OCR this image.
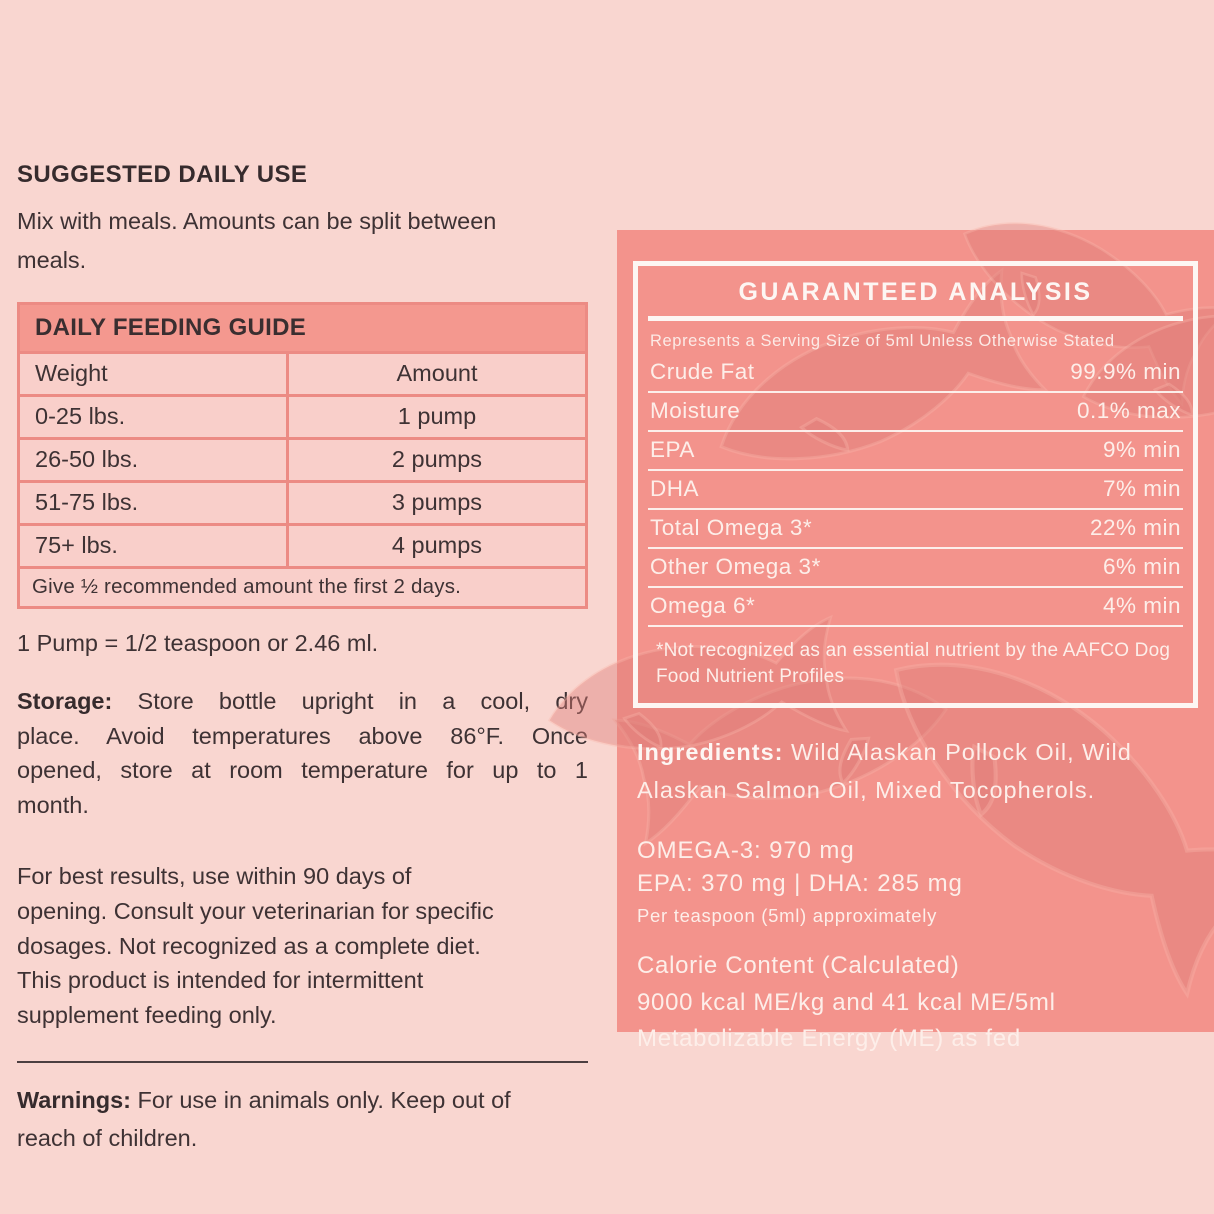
SUGGESTED DAILY USE
Mix with meals. Amounts can be split between
meals.
DAILY FEEDING GUIDE
Weight	Amount
0-25 lbs.	1 pump
26-50 lbs.	2 pumps
51-75 lbs.	3 pumps
75+ lbs.	4 pumps
Give ½ recommended amount the first 2 days.
1 Pump = 1/2 teaspoon or 2.46 ml.
Storage: Store bottle upright in a cool, dry
place. Avoid temperatures above 86°F. Once
opened, store at room temperature for up to 1
month.
For best results, use within 90 days of
opening. Consult your veterinarian for specific
dosages. Not recognized as a complete diet.
This product is intended for intermittent
supplement feeding only.
Warnings: For use in animals only. Keep out of
reach of children.
GUARANTEED ANALYSIS
Represents a Serving Size of 5ml Unless Otherwise Stated
Crude Fat	99.9% min
Moisture	0.1% max
EPA	9% min
DHA	7% min
Total Omega 3*	22% min
Other Omega 3*	6% min
Omega 6*	4% min
*Not recognized as an essential nutrient by the AAFCO Dog
Food Nutrient Profiles
Ingredients: Wild Alaskan Pollock Oil, Wild
Alaskan Salmon Oil, Mixed Tocopherols.
OMEGA-3: 970 mg
EPA: 370 mg | DHA: 285 mg
Per teaspoon (5ml) approximately
Calorie Content (Calculated)
9000 kcal ME/kg and 41 kcal ME/5ml
Metabolizable Energy (ME) as fed
